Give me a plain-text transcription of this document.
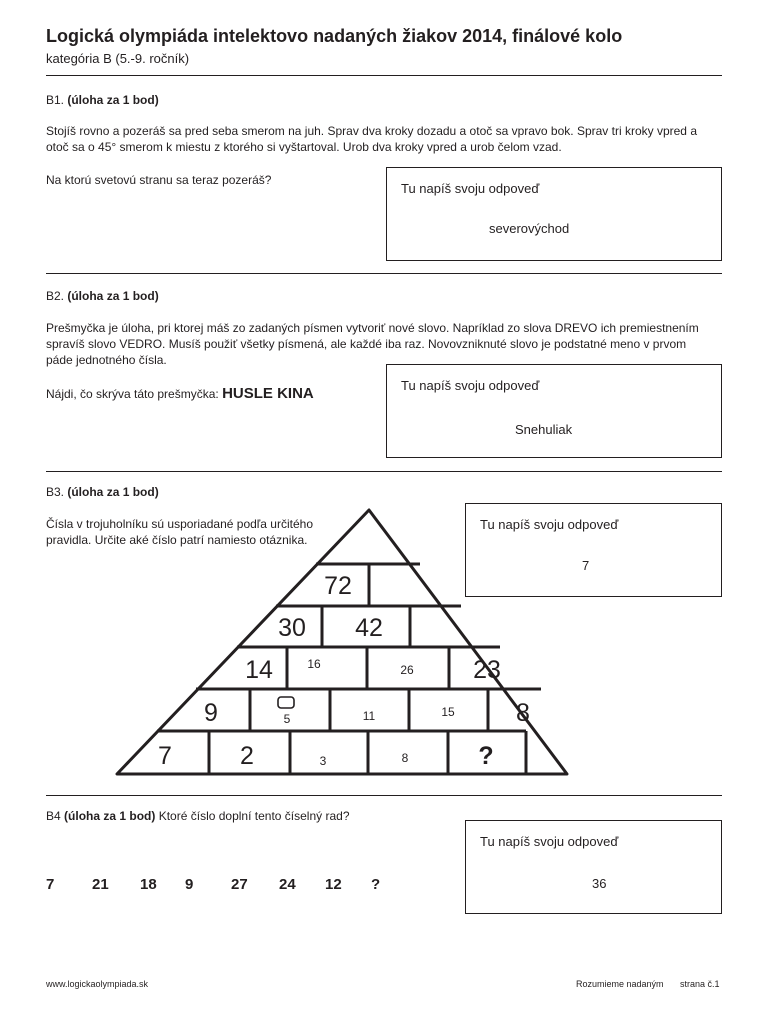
Logická olympiáda intelektovo nadaných žiakov 2014, finálové kolo
kategória B (5.-9. ročník)
B1. (úloha za 1 bod)
Stojíš rovno a pozeráš sa pred seba smerom na juh. Sprav dva kroky dozadu a otoč sa vpravo bok. Sprav tri kroky vpred a otoč sa o 45° smerom k miestu z ktorého si vyštartoval. Urob dva kroky vpred a urob čelom vzad.
Na ktorú svetovú stranu sa teraz pozeráš?
Tu napíš svoju odpoveď
severovýchod
B2. (úloha za 1 bod)
Prešmyčka je úloha, pri ktorej máš zo zadaných písmen vytvoriť nové slovo. Napríklad zo slova DREVO ich premiestnením spravíš slovo VEDRO. Musíš použiť všetky písmená, ale každé iba raz. Novovzniknuté slovo je podstatné meno v prvom páde jednotného čísla.
Nájdi, čo skrýva táto prešmyčka: HUSLE KINA	Tu napíš svoju odpoveď
Snehuliak
B3. (úloha za 1 bod)
Čísla v trojuholníku sú usporiadané podľa určitého pravidla. Určite aké číslo patrí namiesto otáznika.
72
30 42
14	16	26 23
9	5	11	15 8
7	2	3	8	?
Tu napíš svoju odpoveď
7
B4 (úloha za 1 bod) Ktoré číslo doplní tento číselný rad?
7	21 18 9	27 24 12 ?
Tu napíš svoju odpoveď
36
www.logickaolympiada.sk	Rozumieme nadaným strana č.1
